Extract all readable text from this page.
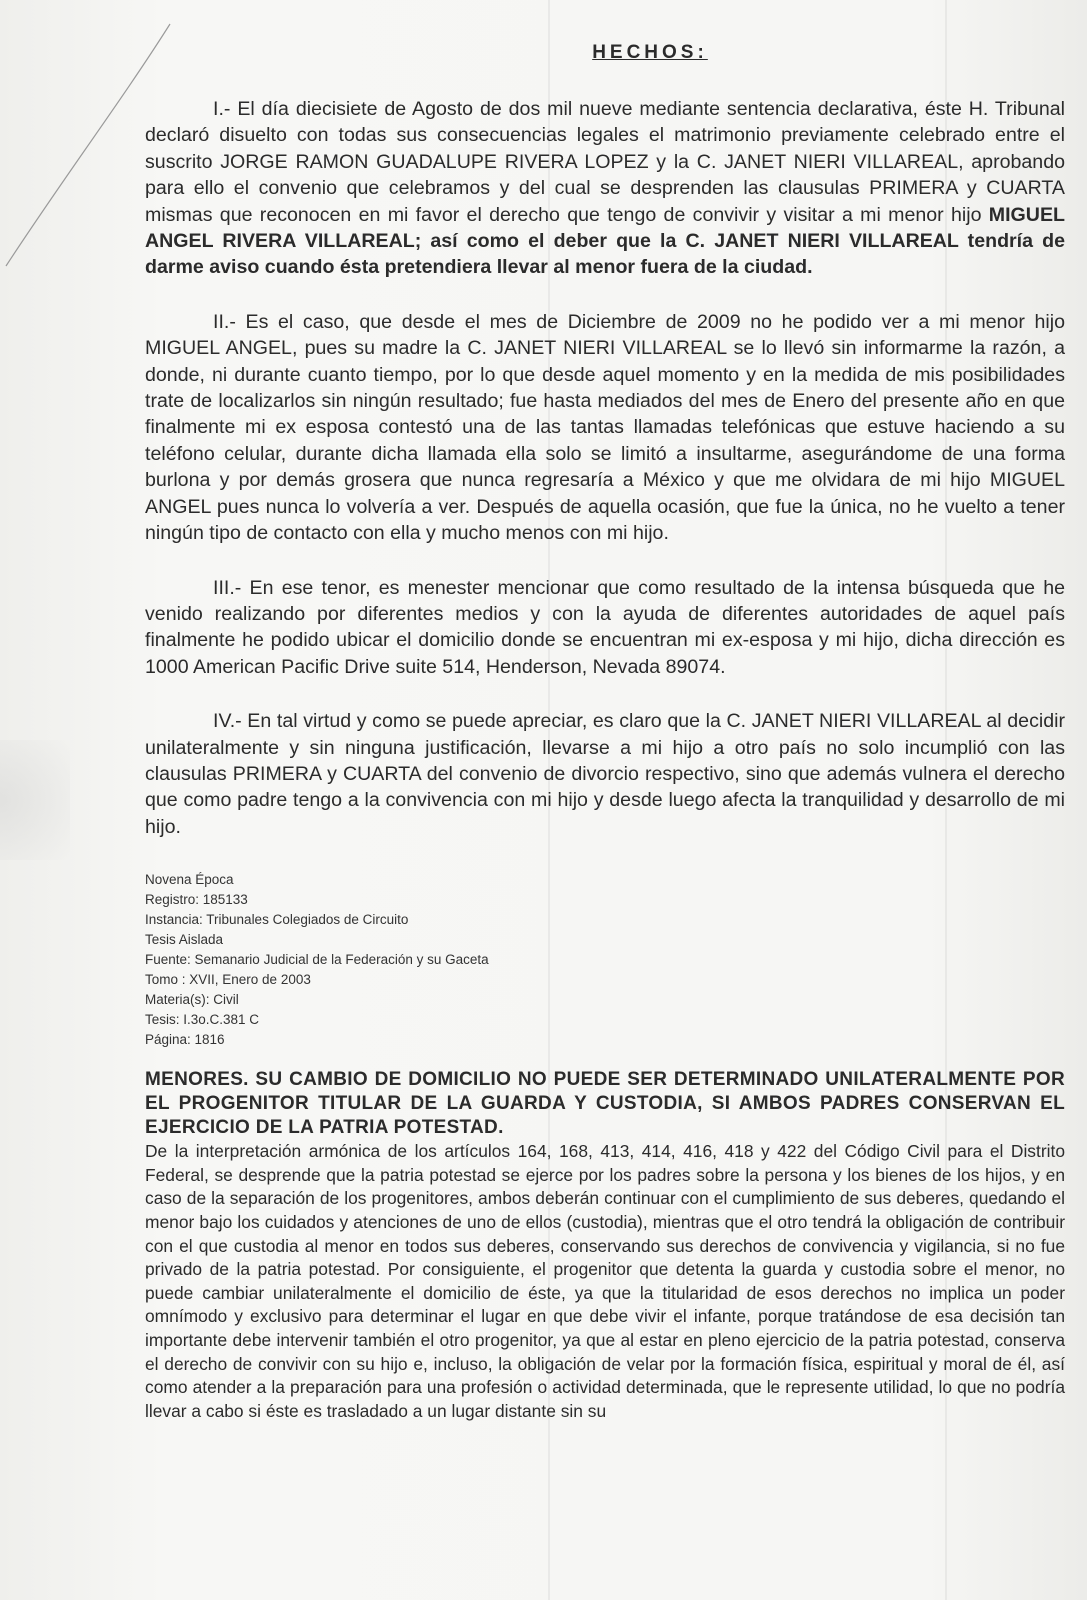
HECHOS:

I.- El día diecisiete de Agosto de dos mil nueve mediante sentencia declarativa, éste H. Tribunal declaró disuelto con todas sus consecuencias legales el matrimonio previamente celebrado entre el suscrito JORGE RAMON GUADALUPE RIVERA LOPEZ y la C. JANET NIERI VILLAREAL, aprobando para ello el convenio que celebramos y del cual se desprenden las clausulas PRIMERA y CUARTA mismas que reconocen en mi favor el derecho que tengo de convivir y visitar a mi menor hijo MIGUEL ANGEL RIVERA VILLAREAL; así como el deber que la C. JANET NIERI VILLAREAL tendría de darme aviso cuando ésta pretendiera llevar al menor fuera de la ciudad.

II.- Es el caso, que desde el mes de Diciembre de 2009 no he podido ver a mi menor hijo MIGUEL ANGEL, pues su madre la C. JANET NIERI VILLAREAL se lo llevó sin informarme la razón, a donde, ni durante cuanto tiempo, por lo que desde aquel momento y en la medida de mis posibilidades trate de localizarlos sin ningún resultado; fue hasta mediados del mes de Enero del presente año en que finalmente mi ex esposa contestó una de las tantas llamadas telefónicas que estuve haciendo a su teléfono celular, durante dicha llamada ella solo se limitó a insultarme, asegurándome de una forma burlona y por demás grosera que nunca regresaría a México y que me olvidara de mi hijo MIGUEL ANGEL pues nunca lo volvería a ver. Después de aquella ocasión, que fue la única, no he vuelto a tener ningún tipo de contacto con ella y mucho menos con mi hijo.

III.- En ese tenor, es menester mencionar que como resultado de la intensa búsqueda que he venido realizando por diferentes medios y con la ayuda de diferentes autoridades de aquel país finalmente he podido ubicar el domicilio donde se encuentran mi ex-esposa y mi hijo, dicha dirección es 1000 American Pacific Drive suite 514, Henderson, Nevada 89074.

IV.- En tal virtud y como se puede apreciar, es claro que la C. JANET NIERI VILLAREAL al decidir unilateralmente y sin ninguna justificación, llevarse a mi hijo a otro país no solo incumplió con las clausulas PRIMERA y CUARTA del convenio de divorcio respectivo, sino que además vulnera el derecho que como padre tengo a la convivencia con mi hijo y desde luego afecta la tranquilidad y desarrollo de mi hijo.

Novena Época
Registro: 185133
Instancia: Tribunales Colegiados de Circuito
Tesis Aislada
Fuente: Semanario Judicial de la Federación y su Gaceta
Tomo : XVII, Enero de 2003
Materia(s): Civil
Tesis: I.3o.C.381 C
Página: 1816

MENORES. SU CAMBIO DE DOMICILIO NO PUEDE SER DETERMINADO UNILATERALMENTE POR EL PROGENITOR TITULAR DE LA GUARDA Y CUSTODIA, SI AMBOS PADRES CONSERVAN EL EJERCICIO DE LA PATRIA POTESTAD.

De la interpretación armónica de los artículos 164, 168, 413, 414, 416, 418 y 422 del Código Civil para el Distrito Federal, se desprende que la patria potestad se ejerce por los padres sobre la persona y los bienes de los hijos, y en caso de la separación de los progenitores, ambos deberán continuar con el cumplimiento de sus deberes, quedando el menor bajo los cuidados y atenciones de uno de ellos (custodia), mientras que el otro tendrá la obligación de contribuir con el que custodia al menor en todos sus deberes, conservando sus derechos de convivencia y vigilancia, si no fue privado de la patria potestad. Por consiguiente, el progenitor que detenta la guarda y custodia sobre el menor, no puede cambiar unilateralmente el domicilio de éste, ya que la titularidad de esos derechos no implica un poder omnímodo y exclusivo para determinar el lugar en que debe vivir el infante, porque tratándose de esa decisión tan importante debe intervenir también el otro progenitor, ya que al estar en pleno ejercicio de la patria potestad, conserva el derecho de convivir con su hijo e, incluso, la obligación de velar por la formación física, espiritual y moral de él, así como atender a la preparación para una profesión o actividad determinada, que le represente utilidad, lo que no podría llevar a cabo si éste es trasladado a un lugar distante sin su
